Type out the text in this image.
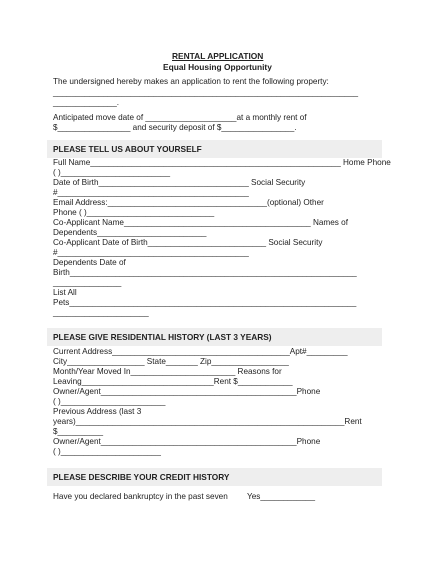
RENTAL APPLICATION
Equal Housing Opportunity
The undersigned hereby makes an application to rent the following property:
___________________________________________________________________
______________.
Anticipated move date of ____________________at a monthly rent of
$________________ and security deposit of $________________.
PLEASE TELL US ABOUT YOURSELF
Full Name_______________________________________________________ Home Phone
( )________________________
Date of Birth_________________________________ Social Security
#__________________________________________
Email Address:___________________________________(optional) Other
Phone ( )____________________________
Co-Applicant Name_________________________________________ Names of
Dependents________________________
Co-Applicant Date of Birth__________________________ Social Security
#__________________________________________
Dependents Date of
Birth_______________________________________________________________
_______________
List All
Pets_______________________________________________________________
_____________________
PLEASE GIVE RESIDENTIAL HISTORY (LAST 3 YEARS)
Current Address_______________________________________Apt#_________
City_________________ State_______ Zip_________________
Month/Year Moved In_______________________ Reasons for
Leaving_____________________________Rent $____________
Owner/Agent___________________________________________Phone
( )_______________________
Previous Address (last 3
years)___________________________________________________________Rent
$__________
Owner/Agent___________________________________________Phone
( )______________________
PLEASE DESCRIBE YOUR CREDIT HISTORY
Have you declared bankruptcy in the past seven Yes____________
